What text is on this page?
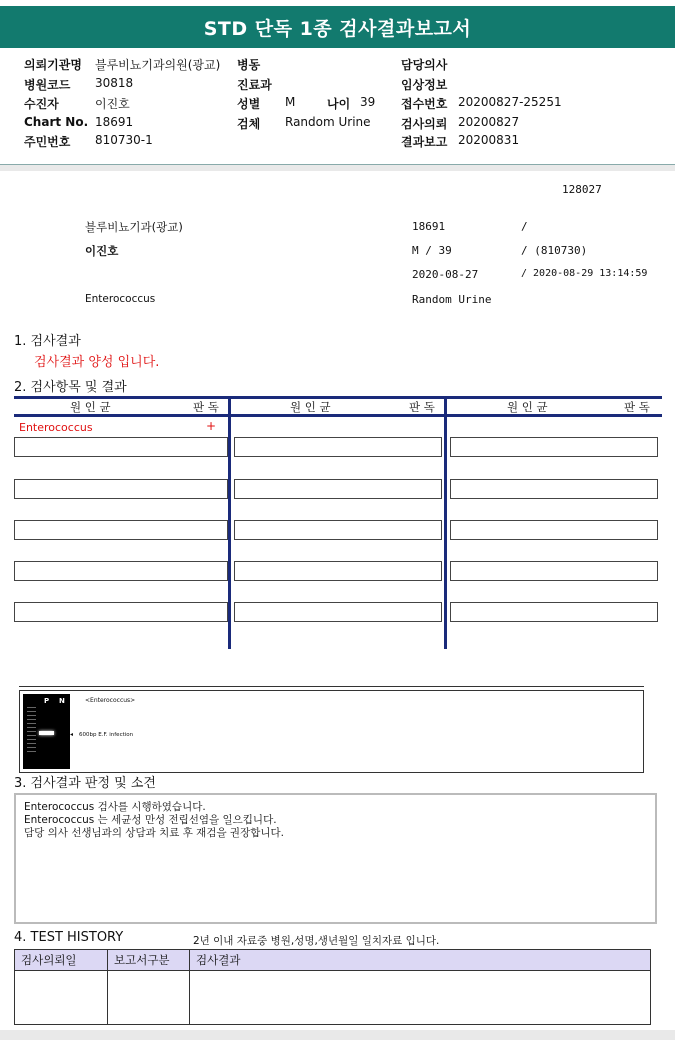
STD 단독 1종 검사결과보고서
의뢰기관명 블루비뇨기과의원(광교) 병동	담당의사
병원코드 30818	진료과	임상정보
수진자	이진호	성별 M	나이 39 접수번호 20200827-25251
Chart No. 18691	검체 Random Urine	검사의뢰 20200827
주민번호 810730-1	결과보고 20200831
128027
블루비뇨기과(광교)	18691	/
이진호	M / 39	/ (810730)
2020-08-27	/ 2020-08-29 13:14:59
Enterococcus	Random Urine
1. 검사결과
검사결과 양성 입니다.
2. 검사항목 및 결과
원 인 균	판 독	원 인 균	판 독	원 인 균	판 독
Enterococcus	+
P N	<Enterococcus>
◂ 600bp E.F. infection
3. 검사결과 판정 및 소견
Enterococcus 검사를 시행하였습니다.
Enterococcus 는 세균성 만성 전립선염을 일으킵니다.
담당 의사 선생님과의 상담과 치료 후 재검을 권장합니다.
4. TEST HISTORY	2년 이내 자료중 병원,성명,생년월일 일치자료 입니다.
검사의뢰일	보고서구분	검사결과
